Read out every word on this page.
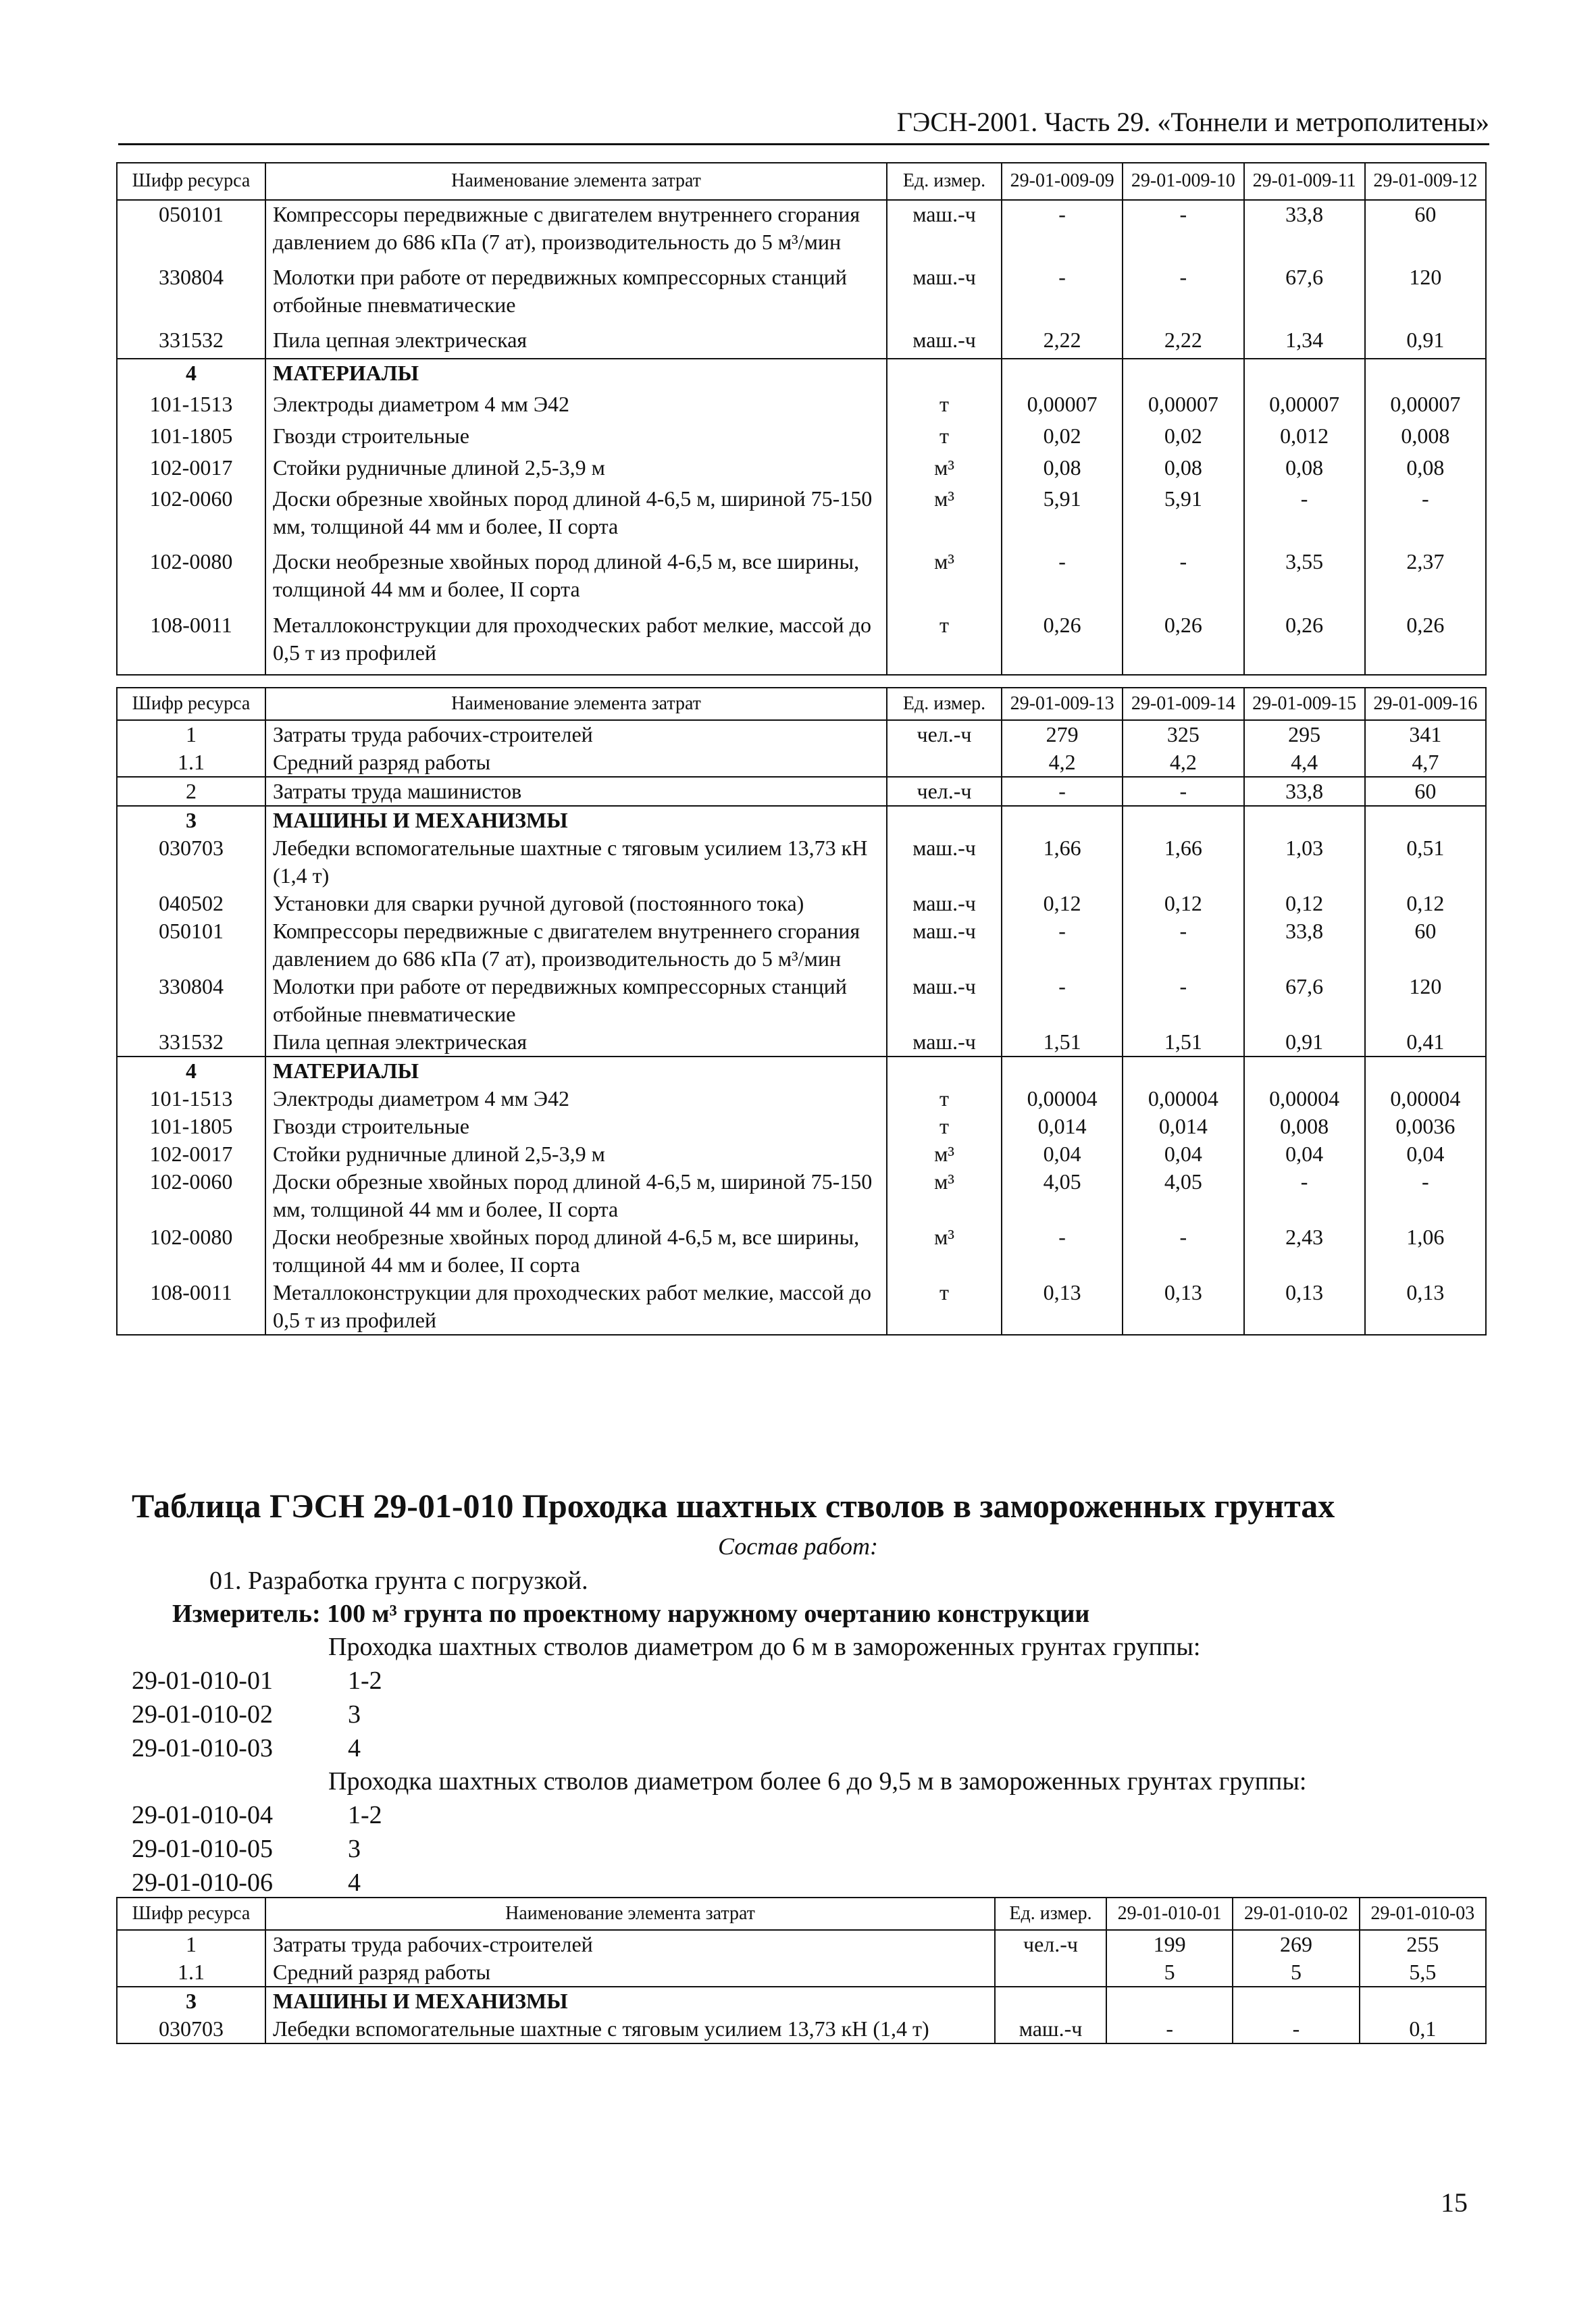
ГЭСН-2001. Часть 29. «Тоннели и метрополитены»
Шифр ресурса	Наименование элемента затрат	Ед. измер.	29-01-009-09	29-01-009-10	29-01-009-11	29-01-009-12
050101	Компрессоры передвижные с двигателем внутреннего сгорания давлением до 686 кПа (7 ат), производительность до 5 м³/мин	маш.-ч	-	-	33,8	60
330804	Молотки при работе от передвижных компрессорных станций отбойные пневматические	маш.-ч	-	-	67,6	120
331532	Пила цепная электрическая	маш.-ч	2,22	2,22	1,34	0,91
4	МАТЕРИАЛЫ					
101-1513	Электроды диаметром 4 мм Э42	т	0,00007	0,00007	0,00007	0,00007
101-1805	Гвозди строительные	т	0,02	0,02	0,012	0,008
102-0017	Стойки рудничные длиной 2,5-3,9 м	м³	0,08	0,08	0,08	0,08
102-0060	Доски обрезные хвойных пород длиной 4-6,5 м, шириной 75-150 мм, толщиной 44 мм и более, II сорта	м³	5,91	5,91	-	-
102-0080	Доски необрезные хвойных пород длиной 4-6,5 м, все ширины, толщиной 44 мм и более, II сорта	м³	-	-	3,55	2,37
108-0011	Металлоконструкции для проходческих работ мелкие, массой до 0,5 т из профилей	т	0,26	0,26	0,26	0,26
Шифр ресурса	Наименование элемента затрат	Ед. измер.	29-01-009-13	29-01-009-14	29-01-009-15	29-01-009-16
1	Затраты труда рабочих-строителей	чел.-ч	279	325	295	341
1.1	Средний разряд работы		4,2	4,2	4,4	4,7
2	Затраты труда машинистов	чел.-ч	-	-	33,8	60
3	МАШИНЫ И МЕХАНИЗМЫ					
030703	Лебедки вспомогательные шахтные с тяговым усилием 13,73 кН (1,4 т)	маш.-ч	1,66	1,66	1,03	0,51
040502	Установки для сварки ручной дуговой (постоянного тока)	маш.-ч	0,12	0,12	0,12	0,12
050101	Компрессоры передвижные с двигателем внутреннего сгорания давлением до 686 кПа (7 ат), производительность до 5 м³/мин	маш.-ч	-	-	33,8	60
330804	Молотки при работе от передвижных компрессорных станций отбойные пневматические	маш.-ч	-	-	67,6	120
331532	Пила цепная электрическая	маш.-ч	1,51	1,51	0,91	0,41
4	МАТЕРИАЛЫ					
101-1513	Электроды диаметром 4 мм Э42	т	0,00004	0,00004	0,00004	0,00004
101-1805	Гвозди строительные	т	0,014	0,014	0,008	0,0036
102-0017	Стойки рудничные длиной 2,5-3,9 м	м³	0,04	0,04	0,04	0,04
102-0060	Доски обрезные хвойных пород длиной 4-6,5 м, шириной 75-150 мм, толщиной 44 мм и более, II сорта	м³	4,05	4,05	-	-
102-0080	Доски необрезные хвойных пород длиной 4-6,5 м, все ширины, толщиной 44 мм и более, II сорта	м³	-	-	2,43	1,06
108-0011	Металлоконструкции для проходческих работ мелкие, массой до 0,5 т из профилей	т	0,13	0,13	0,13	0,13
Таблица ГЭСН 29-01-010 Проходка шахтных стволов в замороженных грунтах
Состав работ:
01. Разработка грунта с погрузкой.
Измеритель: 100 м³ грунта по проектному наружному очертанию конструкции
Проходка шахтных стволов диаметром до 6 м в замороженных грунтах группы:
29-01-010-01	1-2
29-01-010-02	3
29-01-010-03	4
Проходка шахтных стволов диаметром более 6 до 9,5 м в замороженных грунтах группы:
29-01-010-04	1-2
29-01-010-05	3
29-01-010-06	4
Шифр ресурса	Наименование элемента затрат	Ед. измер.	29-01-010-01	29-01-010-02	29-01-010-03
1	Затраты труда рабочих-строителей	чел.-ч	199	269	255
1.1	Средний разряд работы		5	5	5,5
3	МАШИНЫ И МЕХАНИЗМЫ				
030703	Лебедки вспомогательные шахтные с тяговым усилием 13,73 кН (1,4 т)	маш.-ч	-	-	0,1
15
